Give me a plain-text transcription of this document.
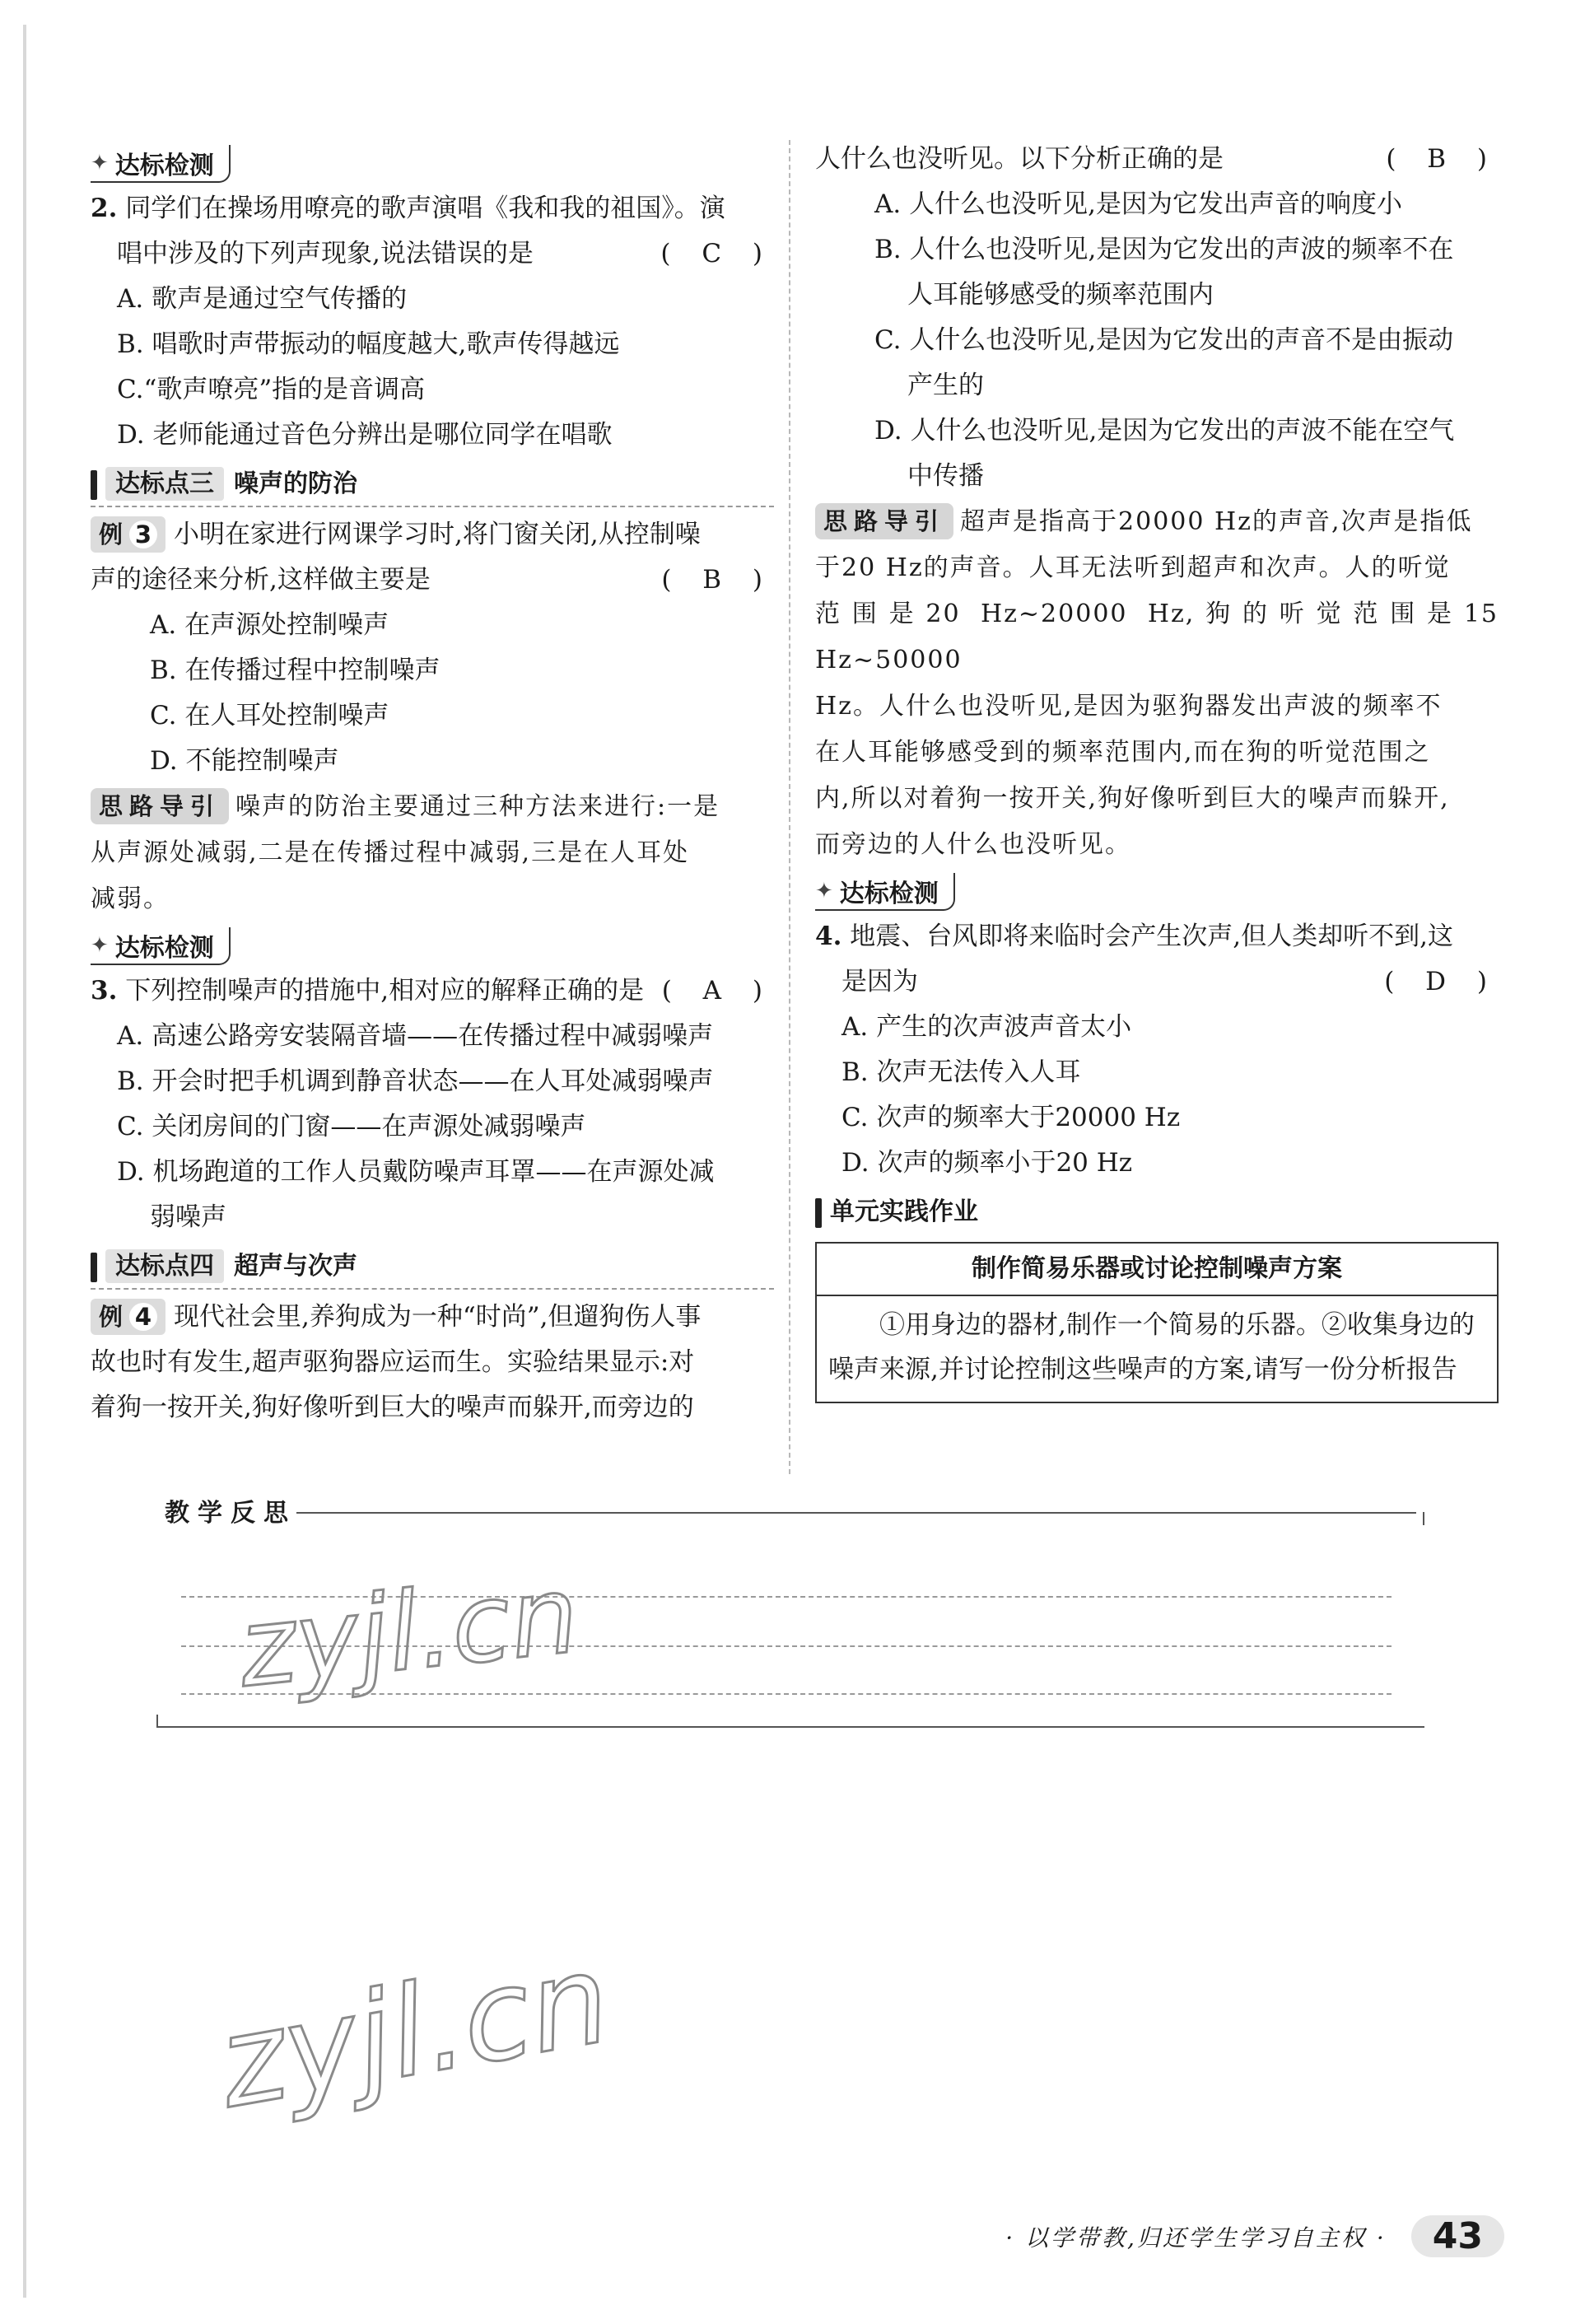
✦ 达标检测
2. 同学们在操场用嘹亮的歌声演唱《我和我的祖国》。演
唱中涉及的下列声现象,说法错误的是	( C )
A. 歌声是通过空气传播的
B. 唱歌时声带振动的幅度越大,歌声传得越远
C.“歌声嘹亮”指的是音调高
D. 老师能通过音色分辨出是哪位同学在唱歌
达标点三 噪声的防治
例 3 小明在家进行网课学习时,将门窗关闭,从控制噪
声的途径来分析,这样做主要是	( B )
A. 在声源处控制噪声
B. 在传播过程中控制噪声
C. 在人耳处控制噪声
D. 不能控制噪声
思路导引 噪声的防治主要通过三种方法来进行:一是
从声源处减弱,二是在传播过程中减弱,三是在人耳处
减弱。
✦ 达标检测
3. 下列控制噪声的措施中,相对应的解释正确的是 ( A )
A. 高速公路旁安装隔音墙——在传播过程中减弱噪声
B. 开会时把手机调到静音状态——在人耳处减弱噪声
C. 关闭房间的门窗——在声源处减弱噪声
D. 机场跑道的工作人员戴防噪声耳罩——在声源处减
弱噪声
达标点四 超声与次声
例 4 现代社会里,养狗成为一种“时尚”,但遛狗伤人事
故也时有发生,超声驱狗器应运而生。实验结果显示:对
着狗一按开关,狗好像听到巨大的噪声而躲开,而旁边的
人什么也没听见。以下分析正确的是	( B )
A. 人什么也没听见,是因为它发出声音的响度小
B. 人什么也没听见,是因为它发出的声波的频率不在
人耳能够感受的频率范围内
C. 人什么也没听见,是因为它发出的声音不是由振动
产生的
D. 人什么也没听见,是因为它发出的声波不能在空气
中传播
思路导引 超声是指高于20000 Hz的声音,次声是指低
于20 Hz的声音。人耳无法听到超声和次声。人的听觉
范围是20 Hz~20000 Hz,狗的听觉范围是15 Hz~50000
Hz。人什么也没听见,是因为驱狗器发出声波的频率不
在人耳能够感受到的频率范围内,而在狗的听觉范围之
内,所以对着狗一按开关,狗好像听到巨大的噪声而躲开,
而旁边的人什么也没听见。
✦ 达标检测
4. 地震、台风即将来临时会产生次声,但人类却听不到,这
是因为	( D )
A. 产生的次声波声音太小
B. 次声无法传入人耳
C. 次声的频率大于20000 Hz
D. 次声的频率小于20 Hz
单元实践作业
制作简易乐器或讨论控制噪声方案
①用身边的器材,制作一个简易的乐器。②收集身边的噪声来源,并讨论控制这些噪声的方案,请写一份分析报告
教学反思
zyjl.cn
zyjl.cn
· 以学带教,归还学生学习自主权 ·	43
